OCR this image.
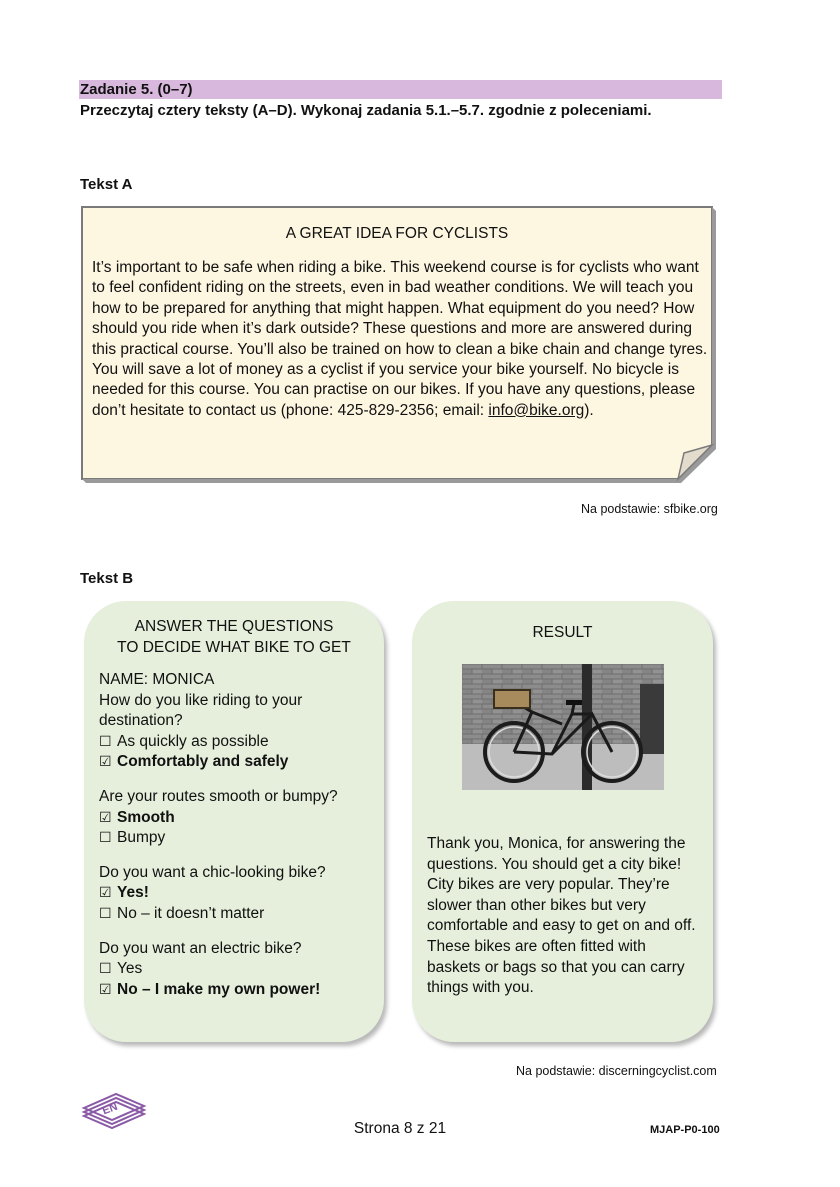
Zadanie 5. (0–7)
Przeczytaj cztery teksty (A–D). Wykonaj zadania 5.1.–5.7. zgodnie z poleceniami.
Tekst A
A GREAT IDEA FOR CYCLISTS
It’s important to be safe when riding a bike. This weekend course is for cyclists who want to feel confident riding on the streets, even in bad weather conditions. We will teach you how to be prepared for anything that might happen. What equipment do you need? How should you ride when it’s dark outside? These questions and more are answered during this practical course. You’ll also be trained on how to clean a bike chain and change tyres. You will save a lot of money as a cyclist if you service your bike yourself. No bicycle is needed for this course. You can practise on our bikes. If you have any questions, please don’t hesitate to contact us (phone: 425-829-2356; email: info@bike.org).
Na podstawie: sfbike.org
Tekst B
ANSWER THE QUESTIONS
TO DECIDE WHAT BIKE TO GET
NAME: MONICA
How do you like riding to your destination?
☐ As quickly as possible
☑ Comfortably and safely
Are your routes smooth or bumpy?
☑ Smooth
☐ Bumpy
Do you want a chic-looking bike?
☑ Yes!
☐ No – it doesn’t matter
Do you want an electric bike?
☐ Yes
☑ No – I make my own power!
RESULT
Thank you, Monica, for answering the questions. You should get a city bike! City bikes are very popular. They’re slower than other bikes but very comfortable and easy to get on and off. These bikes are often fitted with baskets or bags so that you can carry things with you.
Na podstawie: discerningcyclist.com
EN
Strona 8 z 21	MJAP-P0-100
